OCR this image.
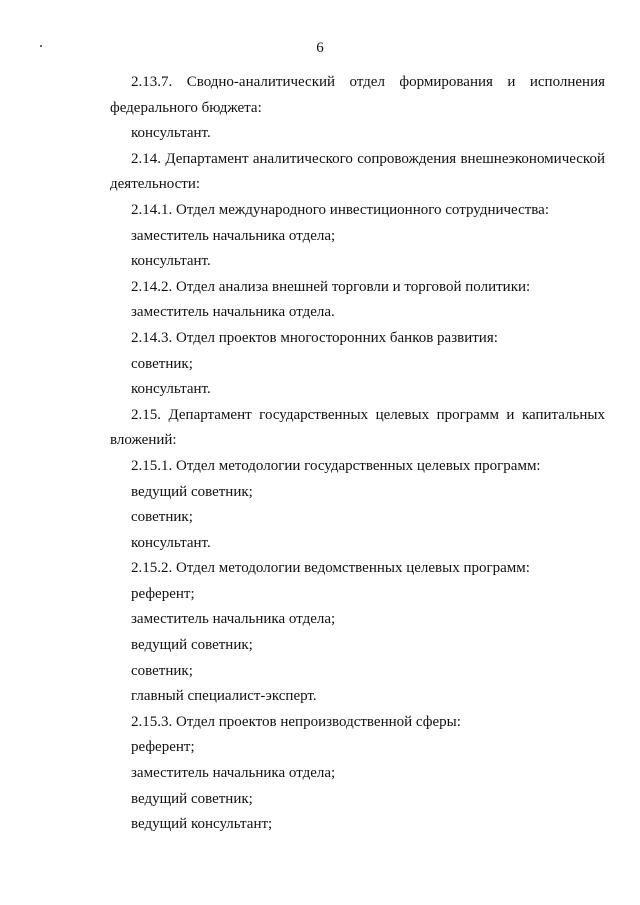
6
2.13.7. Сводно-аналитический отдел формирования и исполнения
федерального бюджета:
консультант.
2.14. Департамент аналитического сопровождения внешнеэкономической
деятельности:
2.14.1. Отдел международного инвестиционного сотрудничества:
заместитель начальника отдела;
консультант.
2.14.2. Отдел анализа внешней торговли и торговой политики:
заместитель начальника отдела.
2.14.3. Отдел проектов многосторонних банков развития:
советник;
консультант.
2.15. Департамент государственных целевых программ и капитальных
вложений:
2.15.1. Отдел методологии государственных целевых программ:
ведущий советник;
советник;
консультант.
2.15.2. Отдел методологии ведомственных целевых программ:
референт;
заместитель начальника отдела;
ведущий советник;
советник;
главный специалист-эксперт.
2.15.3. Отдел проектов непроизводственной сферы:
референт;
заместитель начальника отдела;
ведущий советник;
ведущий консультант;
